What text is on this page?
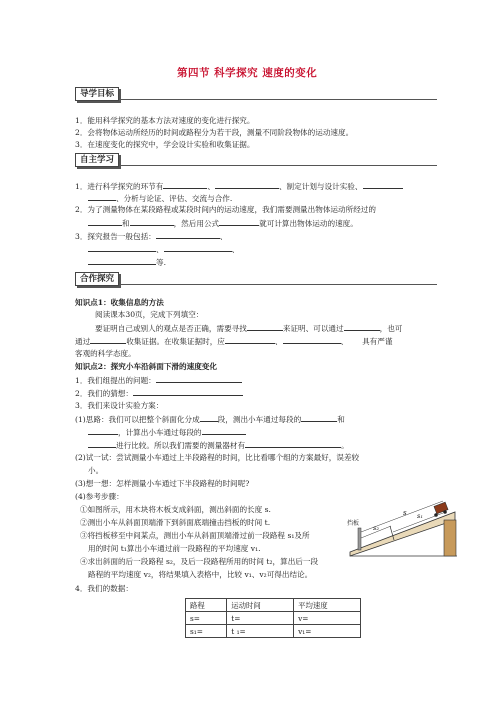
第四节 科学探究 速度的变化
导学目标
1．能用科学探究的基本方法对速度的变化进行探究。
2．会将物体运动所经历的时间或路程分为若干段，测量不同阶段物体的运动速度。
3．在速度变化的探究中，学会设计实验和收集证据。
自主学习
1．进行科学探究的环节有	、	、制定计划与设计实验、
、分析与论证、评估、交流与合作.
2．为了测量物体在某段路程或某段时间内的运动速度，我们需要测量出物体运动所经过的
和	，然后用公式	就可计算出物体运动的速度。
3．探究报告一般包括：	、
、	、
等.
合作探究
知识点1：收集信息的方法
阅读课本30页，完成下列填空：
要证明自己或别人的观点是否正确，需要寻找	来证明、可以通过	，也可
通过	收集证据。在收集证据时，应	、	、 具有严谨
客观的科学态度。
知识点2：探究小车沿斜面下滑的速度变化
1．我们组提出的问题：
2．我们的猜想：
3．我们来设计实验方案：
(1)思路：我们可以把整个斜面化分成 段，测出小车通过每段的	和
，计算出小车通过每段的
进行比较。所以我们需要的测量器材有	。
(2)试一试：尝试测量小车通过上半段路程的时间，比比看哪个组的方案最好，误差较
小。
(3)想一想：怎样测量小车通过下半段路程的时间呢?
(4)参考步骤：
①如图所示，用木块将木板支成斜面，测出斜面的长度 s.
②测出小车从斜面顶端滑下到斜面底端撞击挡板的时间 t.
③将挡板移至中间某点，测出小车从斜面顶端滑过前一段路程 s₁及所
用的时间 t₁算出小车通过前一段路程的平均速度 v₁.
④求出斜面的后一段路程 s₂，及后一段路程所用的时间 t₂，算出后一段
路程的平均速度 v₂，将结果填入表格中，比较 v₁、v₂可得出结论。
4．我们的数据：
挡板
s
s₂
s₁
路程	运动时间	平均速度
s=	t=	v=
s₁=	t ₁=	v₁=
